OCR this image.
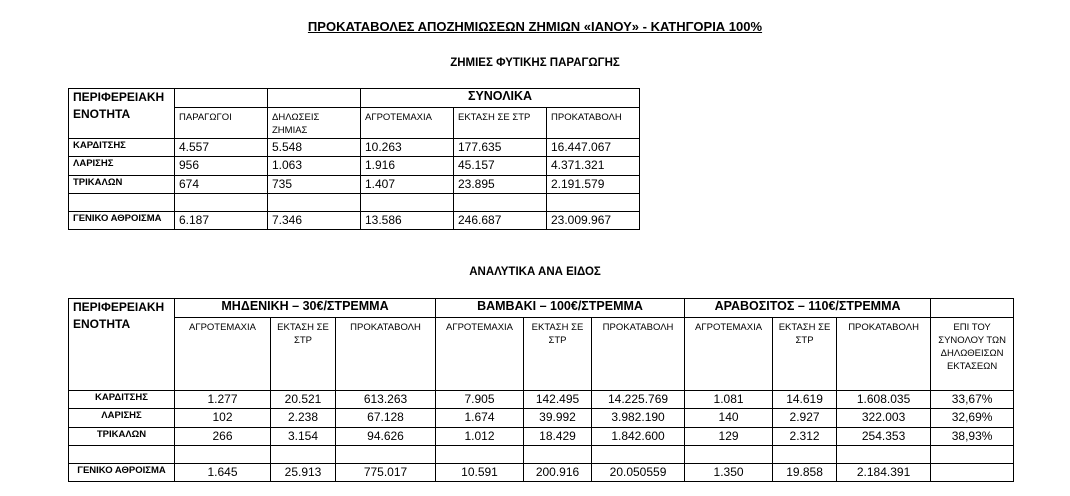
ΠΡΟΚΑΤΑΒΟΛΕΣ ΑΠΟΖΗΜΙΩΣΕΩΝ ΖΗΜΙΩΝ «ΙΑΝΟΥ» - ΚΑΤΗΓΟΡΙΑ 100%
ΖΗΜΙΕΣ ΦΥΤΙΚΗΣ ΠΑΡΑΓΩΓΗΣ
ΠΕΡΙΦΕΡΕΙΑΚΗ ΕΝΟΤΗΤΑ			ΣΥΝΟΛΙΚΑ		
	ΠΑΡΑΓΩΓΟΙ	ΔΗΛΩΣΕΙΣ ΖΗΜΙΑΣ	ΑΓΡΟΤΕΜΑΧΙΑ	ΕΚΤΑΣΗ ΣΕ ΣΤΡ	ΠΡΟΚΑΤΑΒΟΛΗ
ΚΑΡΔΙΤΣΗΣ	4.557	5.548	10.263	177.635	16.447.067
ΛΑΡΙΣΗΣ	956	1.063	1.916	45.157	4.371.321
ΤΡΙΚΑΛΩΝ	674	735	1.407	23.895	2.191.579

ΓΕΝΙΚΟ ΑΘΡΟΙΣΜΑ	6.187	7.346	13.586	246.687	23.009.967
ΑΝΑΛΥΤΙΚΑ ΑΝΑ ΕΙΔΟΣ
ΠΕΡΙΦΕΡΕΙΑΚΗ ΕΝΟΤΗΤΑ	ΜΗΔΕΝΙΚΗ – 30€/ΣΤΡΕΜΜΑ			ΒΑΜΒΑΚΙ – 100€/ΣΤΡΕΜΜΑ			ΑΡΑΒΟΣΙΤΟΣ – 110€/ΣΤΡΕΜΜΑ			
	ΑΓΡΟΤΕΜΑΧΙΑ	ΕΚΤΑΣΗ ΣΕ ΣΤΡ	ΠΡΟΚΑΤΑΒΟΛΗ	ΑΓΡΟΤΕΜΑΧΙΑ	ΕΚΤΑΣΗ ΣΕ ΣΤΡ	ΠΡΟΚΑΤΑΒΟΛΗ	ΑΓΡΟΤΕΜΑΧΙΑ	ΕΚΤΑΣΗ ΣΕ ΣΤΡ	ΠΡΟΚΑΤΑΒΟΛΗ	ΕΠΙ ΤΟΥ ΣΥΝΟΛΟΥ ΤΩΝ ΔΗΛΩΘΕΙΣΩΝ ΕΚΤΑΣΕΩΝ
ΚΑΡΔΙΤΣΗΣ	1.277	20.521	613.263	7.905	142.495	14.225.769	1.081	14.619	1.608.035	33,67%
ΛΑΡΙΣΗΣ	102	2.238	67.128	1.674	39.992	3.982.190	140	2.927	322.003	32,69%
ΤΡΙΚΑΛΩΝ	266	3.154	94.626	1.012	18.429	1.842.600	129	2.312	254.353	38,93%

ΓΕΝΙΚΟ ΑΘΡΟΙΣΜΑ	1.645	25.913	775.017	10.591	200.916	20.050559	1.350	19.858	2.184.391	
